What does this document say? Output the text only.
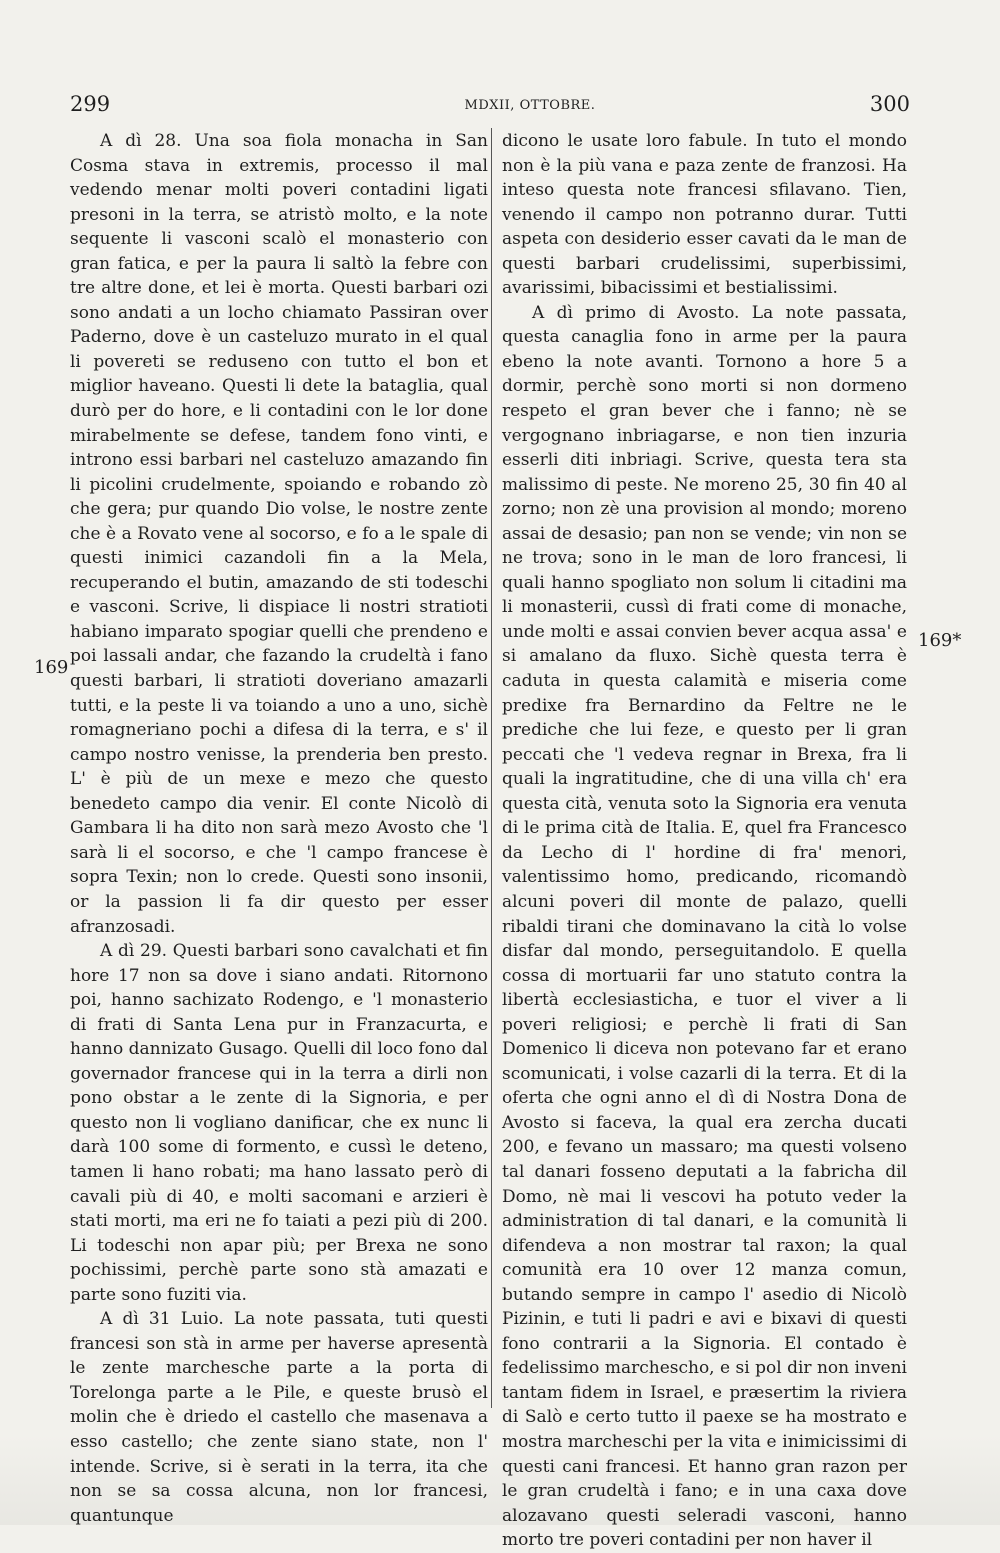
299	MDXII, OTTOBRE.	300
169
169*

A dì 28. Una soa fiola monacha in San Cosma stava in extremis, processo il mal vedendo menar molti poveri contadini ligati presoni in la terra, se atristò molto, e la note sequente li vasconi scalò el monasterio con gran fatica, e per la paura li saltò la febre con tre altre done, et lei è morta. Questi barbari ozi sono andati a un locho chiamato Passiran over Paderno, dove è un casteluzo murato in el qual li povereti se reduseno con tutto el bon et miglior haveano. Questi li dete la bataglia, qual durò per do hore, e li contadini con le lor done mirabelmente se defese, tandem fono vinti, e introno essi barbari nel casteluzo amazando fin li picolini crudelmente, spoiando e robando zò che gera; pur quando Dio volse, le nostre zente che è a Rovato vene al socorso, e fo a le spale di questi inimici cazandoli fin a la Mela, recuperando el butin, amazando de sti todeschi e vasconi. Scrive, li dispiace li nostri stratioti habiano imparato spogiar quelli che prendeno e poi lassali andar, che fazando la crudeltà i fano questi barbari, li stratioti doveriano amazarli tutti, e la peste li va toiando a uno a uno, sichè romagneriano pochi a difesa di la terra, e s' il campo nostro venisse, la prenderia ben presto. L' è più de un mexe e mezo che questo benedeto campo dia venir. El conte Nicolò di Gambara li ha dito non sarà mezo Avosto che 'l sarà li el socorso, e che 'l campo francese è sopra Texin; non lo crede. Questi sono insonii, or la passion li fa dir questo per esser afranzosadi.

A dì 29. Questi barbari sono cavalchati et fin hore 17 non sa dove i siano andati. Ritornono poi, hanno sachizato Rodengo, e 'l monasterio di frati di Santa Lena pur in Franzacurta, e hanno dannizato Gusago. Quelli dil loco fono dal governador francese qui in la terra a dirli non pono obstar a le zente di la Signoria, e per questo non li vogliano danificar, che ex nunc li darà 100 some di formento, e cussì le deteno, tamen li hano robati; ma hano lassato però di cavali più di 40, e molti sacomani e arzieri è stati morti, ma eri ne fo taiati a pezi più di 200. Li todeschi non apar più; per Brexa ne sono pochissimi, perchè parte sono stà amazati e parte sono fuziti via.

A dì 31 Luio. La note passata, tuti questi francesi son stà in arme per haverse apresentà le zente marchesche parte a la porta di Torelonga parte a le Pile, e queste brusò el molin che è driedo el castello che masenava a esso castello; che zente siano state, non l' intende. Scrive, si è serati in la terra, ita che non se sa cossa alcuna, non lor francesi, quantunque

dicono le usate loro fabule. In tuto el mondo non è la più vana e paza zente de franzosi. Ha inteso questa note francesi sfilavano. Tien, venendo il campo non potranno durar. Tutti aspeta con desiderio esser cavati da le man de questi barbari crudelissimi, superbissimi, avarissimi, bibacissimi et bestialissimi.

A dì primo di Avosto. La note passata, questa canaglia fono in arme per la paura ebeno la note avanti. Tornono a hore 5 a dormir, perchè sono morti si non dormeno respeto el gran bever che i fanno; nè se vergognano inbriagarse, e non tien inzuria esserli diti inbriagi. Scrive, questa tera sta malissimo di peste. Ne moreno 25, 30 fin 40 al zorno; non zè una provision al mondo; moreno assai de desasio; pan non se vende; vin non se ne trova; sono in le man de loro francesi, li quali hanno spogliato non solum li citadini ma li monasterii, cussì di frati come di monache, unde molti e assai convien bever acqua assa' e si amalano da fluxo. Sichè questa terra è caduta in questa calamità e miseria come predixe fra Bernardino da Feltre ne le prediche che lui feze, e questo per li gran peccati che 'l vedeva regnar in Brexa, fra li quali la ingratitudine, che di una villa ch' era questa cità, venuta soto la Signoria era venuta di le prima cità de Italia. E, quel fra Francesco da Lecho di l' hordine di fra' menori, valentissimo homo, predicando, ricomandò alcuni poveri dil monte de palazo, quelli ribaldi tirani che dominavano la cità lo volse disfar dal mondo, perseguitandolo. E quella cossa di mortuarii far uno statuto contra la libertà ecclesiasticha, e tuor el viver a li poveri religiosi; e perchè li frati di San Domenico li diceva non potevano far et erano scomunicati, i volse cazarli di la terra. Et di la oferta che ogni anno el dì di Nostra Dona de Avosto si faceva, la qual era zercha ducati 200, e fevano un massaro; ma questi volseno tal danari fosseno deputati a la fabricha dil Domo, nè mai li vescovi ha potuto veder la administration di tal danari, e la comunità li difendeva a non mostrar tal raxon; la qual comunità era 10 over 12 manza comun, butando sempre in campo l' asedio di Nicolò Pizinin, e tuti li padri e avi e bixavi di questi fono contrarii a la Signoria. El contado è fedelissimo marchescho, e si pol dir non inveni tantam fidem in Israel, e præsertim la riviera di Salò e certo tutto il paexe se ha mostrato e mostra marcheschi per la vita e inimicissimi di questi cani francesi. Et hanno gran razon per le gran crudeltà i fano; e in una caxa dove alozavano questi seleradi vasconi, hanno morto tre poveri contadini per non haver il
